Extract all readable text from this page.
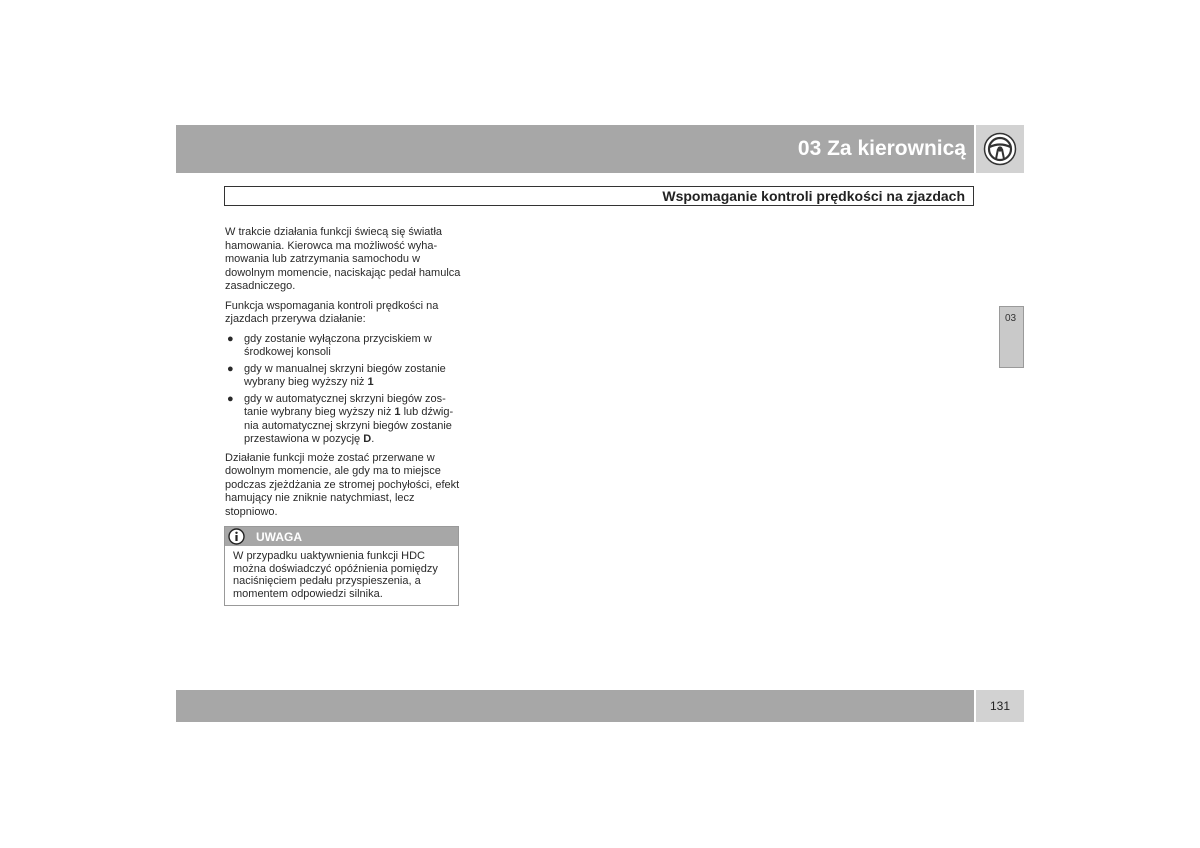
03 Za kierownicą
Wspomaganie kontroli prędkości na zjazdach
03

W trakcie działania funkcji świecą się światła hamowania. Kierowca ma możliwość wyha-mowania lub zatrzymania samochodu w dowolnym momencie, naciskając pedał hamulca zasadniczego.

Funkcja wspomagania kontroli prędkości na zjazdach przerywa działanie:

● gdy zostanie wyłączona przyciskiem w środkowej konsoli
● gdy w manualnej skrzyni biegów zostanie wybrany bieg wyższy niż 1
● gdy w automatycznej skrzyni biegów zos-tanie wybrany bieg wyższy niż 1 lub dźwig-nia automatycznej skrzyni biegów zostanie przestawiona w pozycję D.

Działanie funkcji może zostać przerwane w dowolnym momencie, ale gdy ma to miejsce podczas zjeżdżania ze stromej pochyłości, efekt hamujący nie zniknie natychmiast, lecz stopniowo.

UWAGA
W przypadku uaktywnienia funkcji HDC można doświadczyć opóźnienia pomiędzy naciśnięciem pedału przyspieszenia, a momentem odpowiedzi silnika.
131
